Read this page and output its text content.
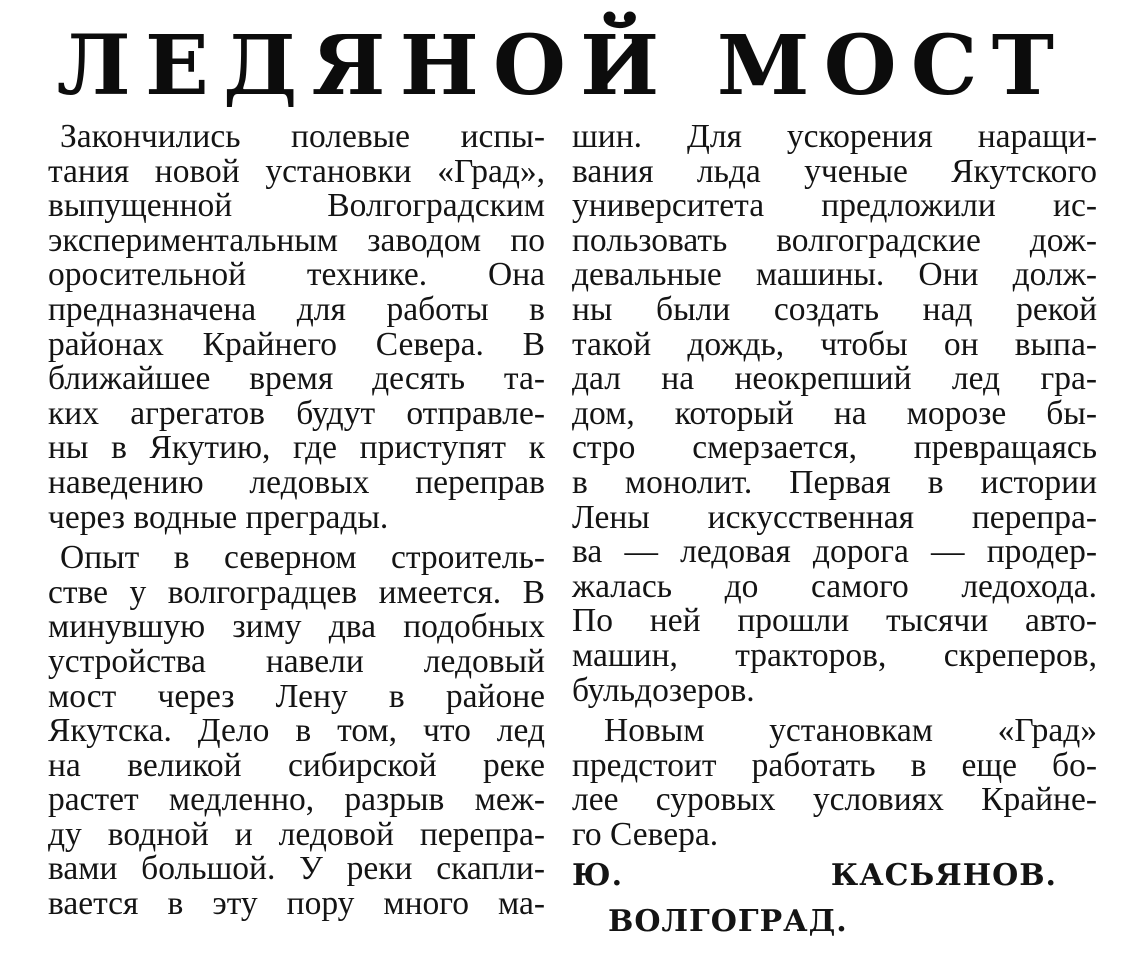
ЛЕДЯНОЙ МОСТ

Закончились полевые испы-
тания новой установки «Град»,
выпущенной Волгоградским
экспериментальным заводом по
оросительной технике. Она
предназначена для работы в
районах Крайнего Севера. В
ближайшее время десять та-
ких агрегатов будут отправле-
ны в Якутию, где приступят к
наведению ледовых переправ
через водные преграды.

Опыт в северном строитель-
стве у волгоградцев имеется. В
минувшую зиму два подобных
устройства навели ледовый
мост через Лену в районе
Якутска. Дело в том, что лед
на великой сибирской реке
растет медленно, разрыв меж-
ду водной и ледовой перепра-
вами большой. У реки скапли-
вается в эту пору много ма-

шин. Для ускорения наращи-
вания льда ученые Якутского
университета предложили ис-
пользовать волгоградские дож-
девальные машины. Они долж-
ны были создать над рекой
такой дождь, чтобы он выпа-
дал на неокрепший лед гра-
дом, который на морозе бы-
стро смерзается, превращаясь
в монолит. Первая в истории
Лены искусственная перепра-
ва — ледовая дорога — продер-
жалась до самого ледохода.
По ней прошли тысячи авто-
машин, тракторов, скреперов,
бульдозеров.

Новым установкам «Град»
предстоит работать в еще бо-
лее суровых условиях Крайне-
го Севера.

Ю. КАСЬЯНОВ.

ВОЛГОГРАД.
